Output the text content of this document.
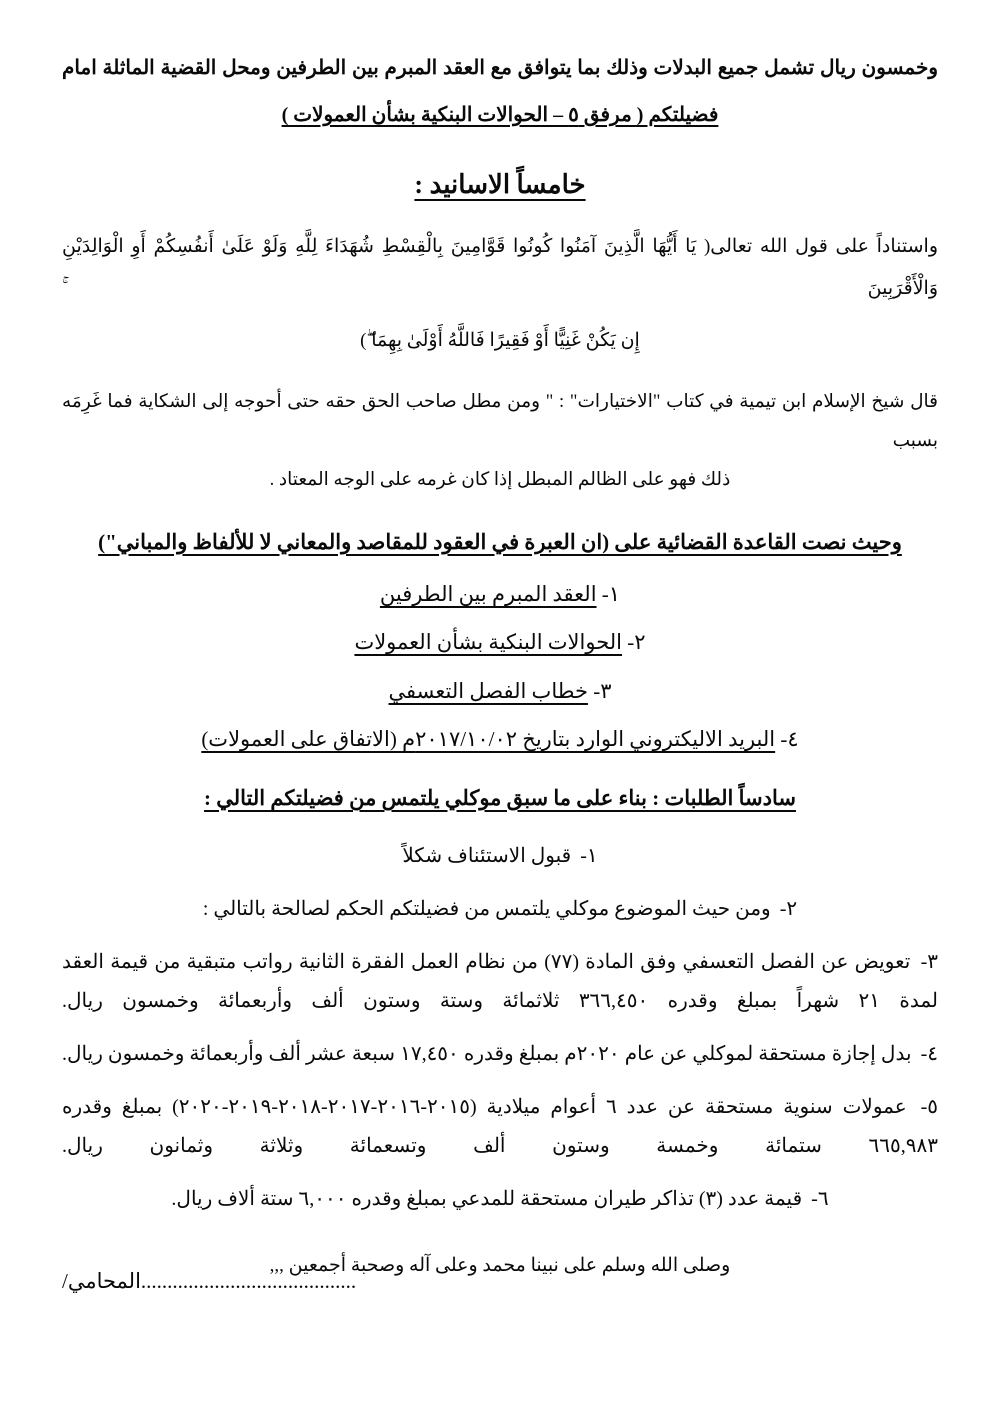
وخمسون ريال تشمل جميع البدلات وذلك بما يتوافق مع العقد المبرم بين الطرفين ومحل القضية الماثلة امام

فضيلتكم ( مرفق ٥ – الحوالات البنكية بشأن العمولات )

خامساً الاسانيد :

واستناداً على قول الله تعالى( يَا أَيُّهَا الَّذِينَ آمَنُوا كُونُوا قَوَّامِينَ بِالْقِسْطِ شُهَدَاءَ لِلَّهِ وَلَوْ عَلَىٰ أَنفُسِكُمْ أَوِ الْوَالِدَيْنِ وَالْأَقْرَبِينَ ۚ

إِن يَكُنْ غَنِيًّا أَوْ فَقِيرًا فَاللَّهُ أَوْلَىٰ بِهِمَا ۖ)

قال شيخ الإسلام ابن تيمية في كتاب "الاختيارات" : " ومن مطل صاحب الحق حقه حتى أحوجه إلى الشكاية فما غَرِمَه بسبب

ذلك فهو على الظالم المبطل إذا كان غرمه على الوجه المعتاد .

وحيث نصت القاعدة القضائية على (ان العبرة في العقود للمقاصد والمعاني لا للألفاظ والمباني")

١- العقد المبرم بين الطرفين
٢- الحوالات البنكية بشأن العمولات
٣- خطاب الفصل التعسفي
٤- البريد الاليكتروني الوارد بتاريخ ٢٠١٧/١٠/٠٢م (الاتفاق على العمولات)

سادساً الطلبات : بناء على ما سبق موكلي يلتمس من فضيلتكم التالي :

١- قبول الاستئناف شكلاً
٢- ومن حيث الموضوع موكلي يلتمس من فضيلتكم الحكم لصالحة بالتالي :
٣- تعويض عن الفصل التعسفي وفق المادة (٧٧) من نظام العمل الفقرة الثانية رواتب متبقية من قيمة العقد لمدة ٢١ شهراً بمبلغ وقدره ٣٦٦,٤٥٠ ثلاثمائة وستة وستون ألف وأربعمائة وخمسون ريال.
٤- بدل إجازة مستحقة لموكلي عن عام ٢٠٢٠م بمبلغ وقدره ١٧,٤٥٠ سبعة عشر ألف وأربعمائة وخمسون ريال.
٥- عمولات سنوية مستحقة عن عدد ٦ أعوام ميلادية (٢٠١٥-٢٠١٦-٢٠١٧-٢٠١٨-٢٠١٩-٢٠٢٠) بمبلغ وقدره ٦٦٥,٩٨٣ ستمائة وخمسة وستون ألف وتسعمائة وثلاثة وثمانون ريال.
٦- قيمة عدد (٣) تذاكر طيران مستحقة للمدعي بمبلغ وقدره ٦,٠٠٠ ستة ألاف ريال.

وصلى الله وسلم على نبينا محمد وعلى آله وصحبة أجمعين ,,,

.........................................المحامي/
